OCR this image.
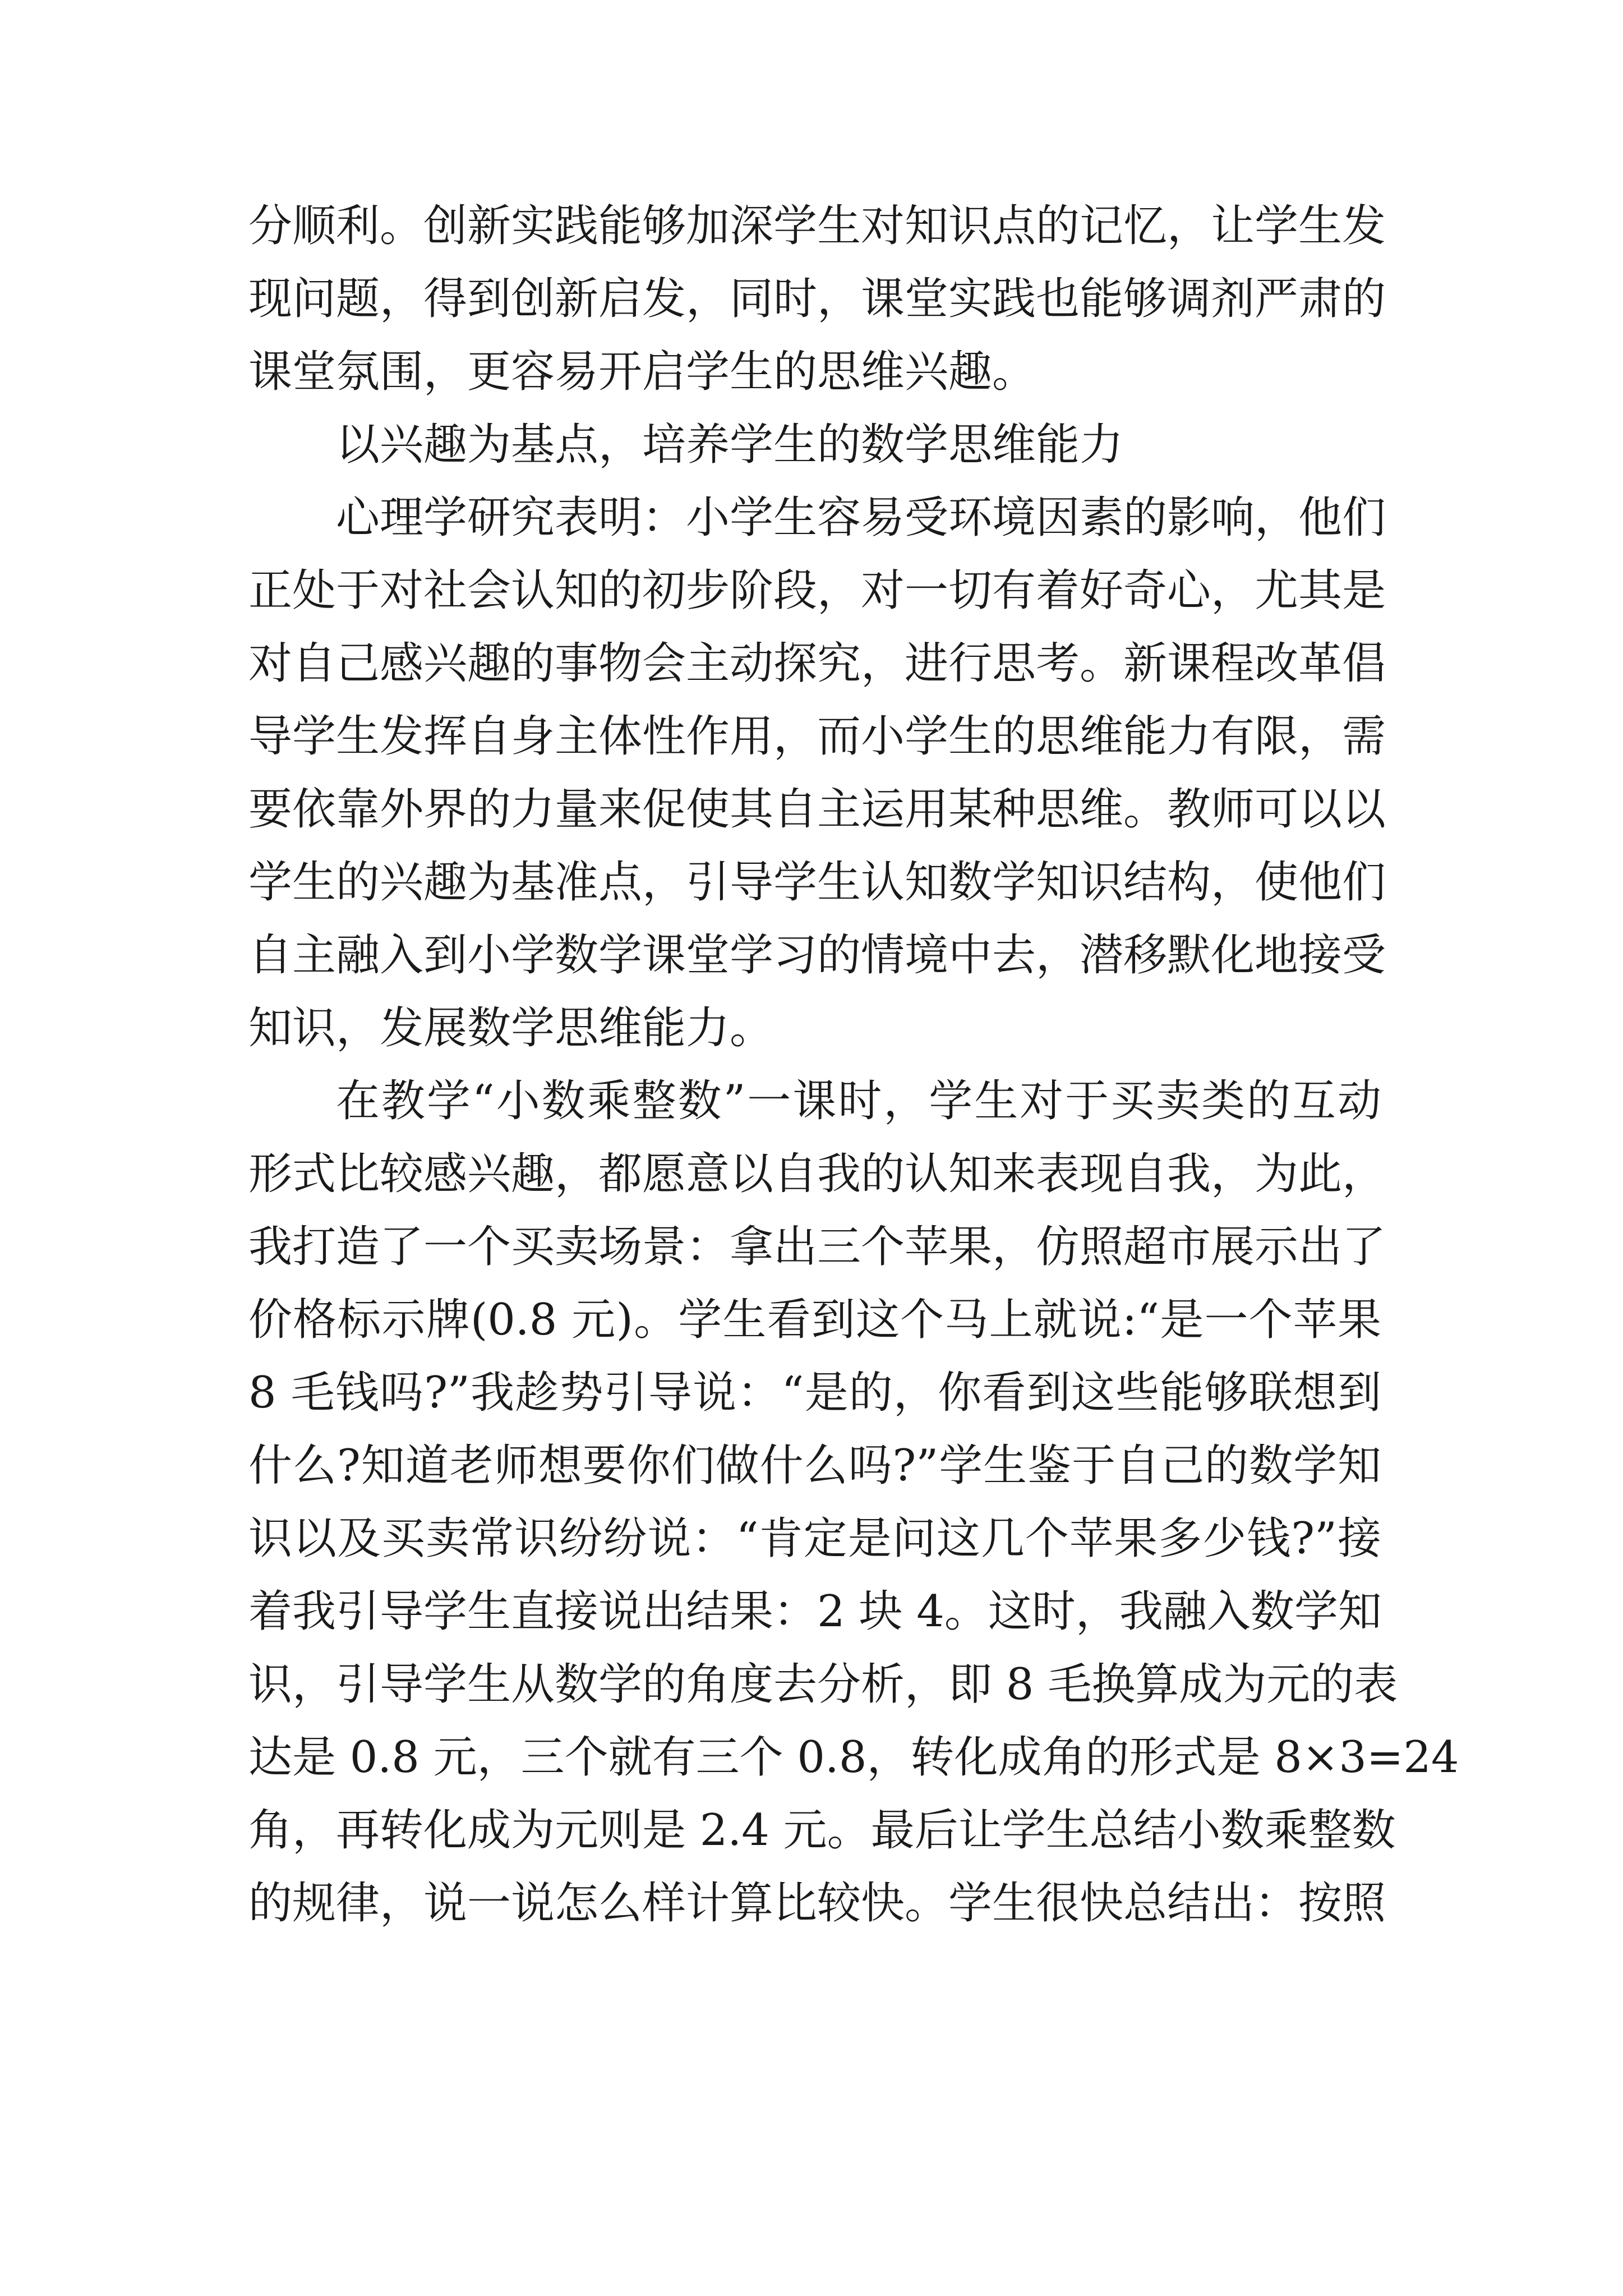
分顺利。创新实践能够加深学生对知识点的记忆，让学生发
现问题，得到创新启发，同时，课堂实践也能够调剂严肃的
课堂氛围，更容易开启学生的思维兴趣。
以兴趣为基点，培养学生的数学思维能力
心理学研究表明：小学生容易受环境因素的影响，他们
正处于对社会认知的初步阶段，对一切有着好奇心，尤其是
对自己感兴趣的事物会主动探究，进行思考。新课程改革倡
导学生发挥自身主体性作用，而小学生的思维能力有限，需
要依靠外界的力量来促使其自主运用某种思维。教师可以以
学生的兴趣为基准点，引导学生认知数学知识结构，使他们
自主融入到小学数学课堂学习的情境中去，潜移默化地接受
知识，发展数学思维能力。
在教学“小数乘整数”一课时，学生对于买卖类的互动
形式比较感兴趣，都愿意以自我的认知来表现自我，为此，
我打造了一个买卖场景：拿出三个苹果，仿照超市展示出了
价格标示牌(0.8 元)。学生看到这个马上就说:“是一个苹果
8 毛钱吗?”我趁势引导说：“是的，你看到这些能够联想到
什么?知道老师想要你们做什么吗?”学生鉴于自己的数学知
识以及买卖常识纷纷说：“肯定是问这几个苹果多少钱?”接
着我引导学生直接说出结果：2 块 4。这时，我融入数学知
识，引导学生从数学的角度去分析，即 8 毛换算成为元的表
达是 0.8 元，三个就有三个 0.8，转化成角的形式是 8×3=24
角，再转化成为元则是 2.4 元。最后让学生总结小数乘整数
的规律，说一说怎么样计算比较快。学生很快总结出：按照
